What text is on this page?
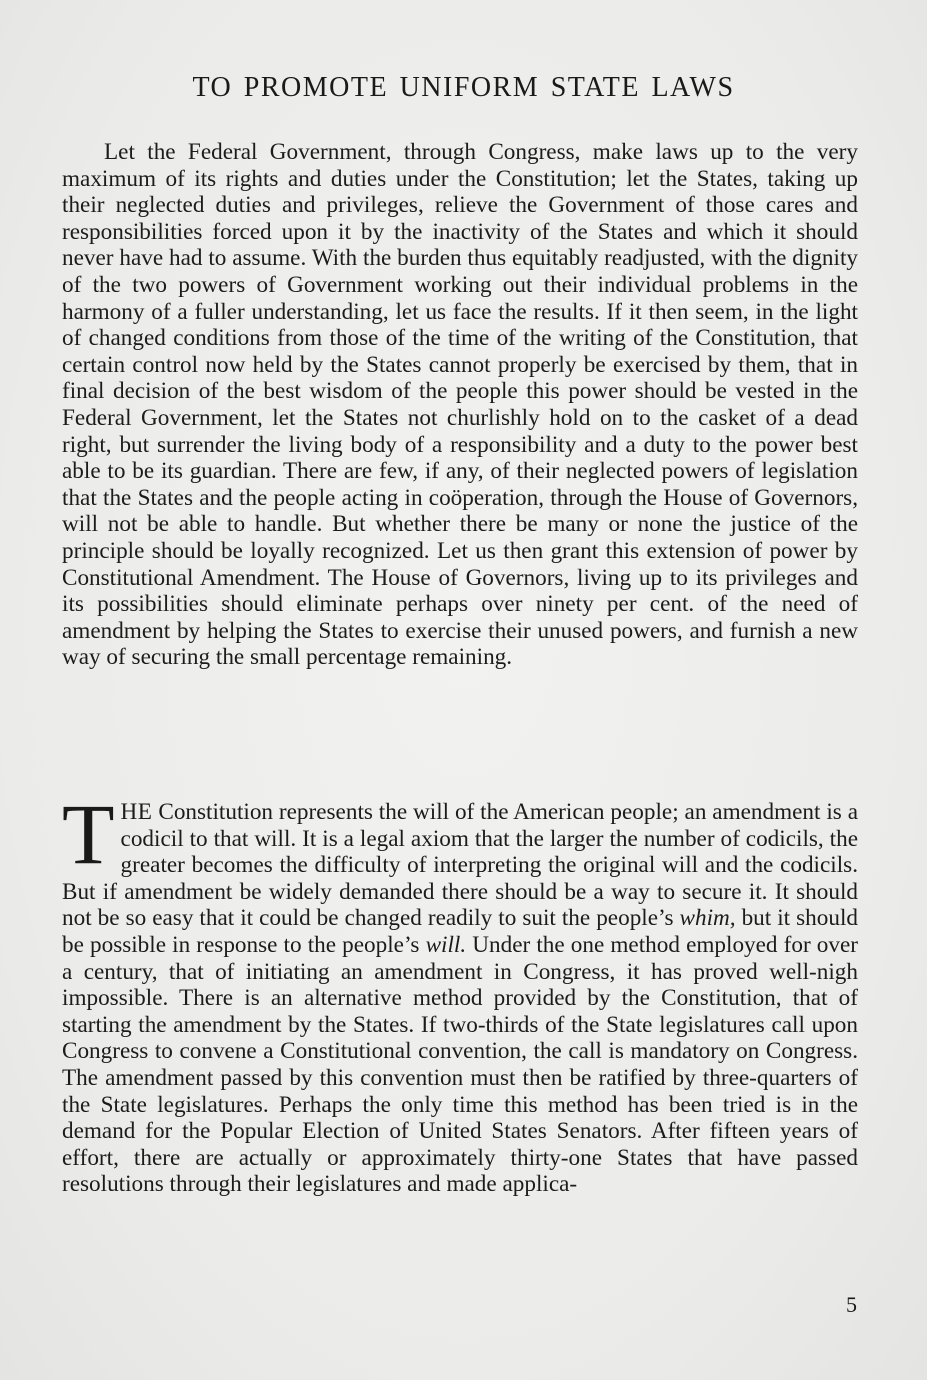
TO PROMOTE UNIFORM STATE LAWS
Let the Federal Government, through Congress, make laws up to the very maximum of its rights and duties under the Constitution; let the States, taking up their neglected duties and privileges, relieve the Government of those cares and responsibilities forced upon it by the inactivity of the States and which it should never have had to assume. With the burden thus equitably readjusted, with the dignity of the two powers of Government working out their individual problems in the harmony of a fuller understanding, let us face the results. If it then seem, in the light of changed conditions from those of the time of the writing of the Constitution, that certain control now held by the States cannot properly be exercised by them, that in final decision of the best wisdom of the people this power should be vested in the Federal Government, let the States not churlishly hold on to the casket of a dead right, but surrender the living body of a responsibility and a duty to the power best able to be its guardian. There are few, if any, of their neglected powers of legislation that the States and the people acting in coöperation, through the House of Governors, will not be able to handle. But whether there be many or none the justice of the principle should be loyally recognized. Let us then grant this extension of power by Constitutional Amendment. The House of Governors, living up to its privileges and its possibilities should eliminate perhaps over ninety per cent. of the need of amendment by helping the States to exercise their unused powers, and furnish a new way of securing the small percentage remaining.
THE Constitution represents the will of the American people; an amendment is a codicil to that will. It is a legal axiom that the larger the number of codicils, the greater becomes the difficulty of interpreting the original will and the codicils. But if amendment be widely demanded there should be a way to secure it. It should not be so easy that it could be changed readily to suit the people’s whim, but it should be possible in response to the people’s will. Under the one method employed for over a century, that of initiating an amendment in Congress, it has proved well-nigh impossible. There is an alternative method provided by the Constitution, that of starting the amendment by the States. If two-thirds of the State legislatures call upon Congress to convene a Constitutional convention, the call is mandatory on Congress. The amendment passed by this convention must then be ratified by three-quarters of the State legislatures. Perhaps the only time this method has been tried is in the demand for the Popular Election of United States Senators. After fifteen years of effort, there are actually or approximately thirty-one States that have passed resolutions through their legislatures and made applica-
5
